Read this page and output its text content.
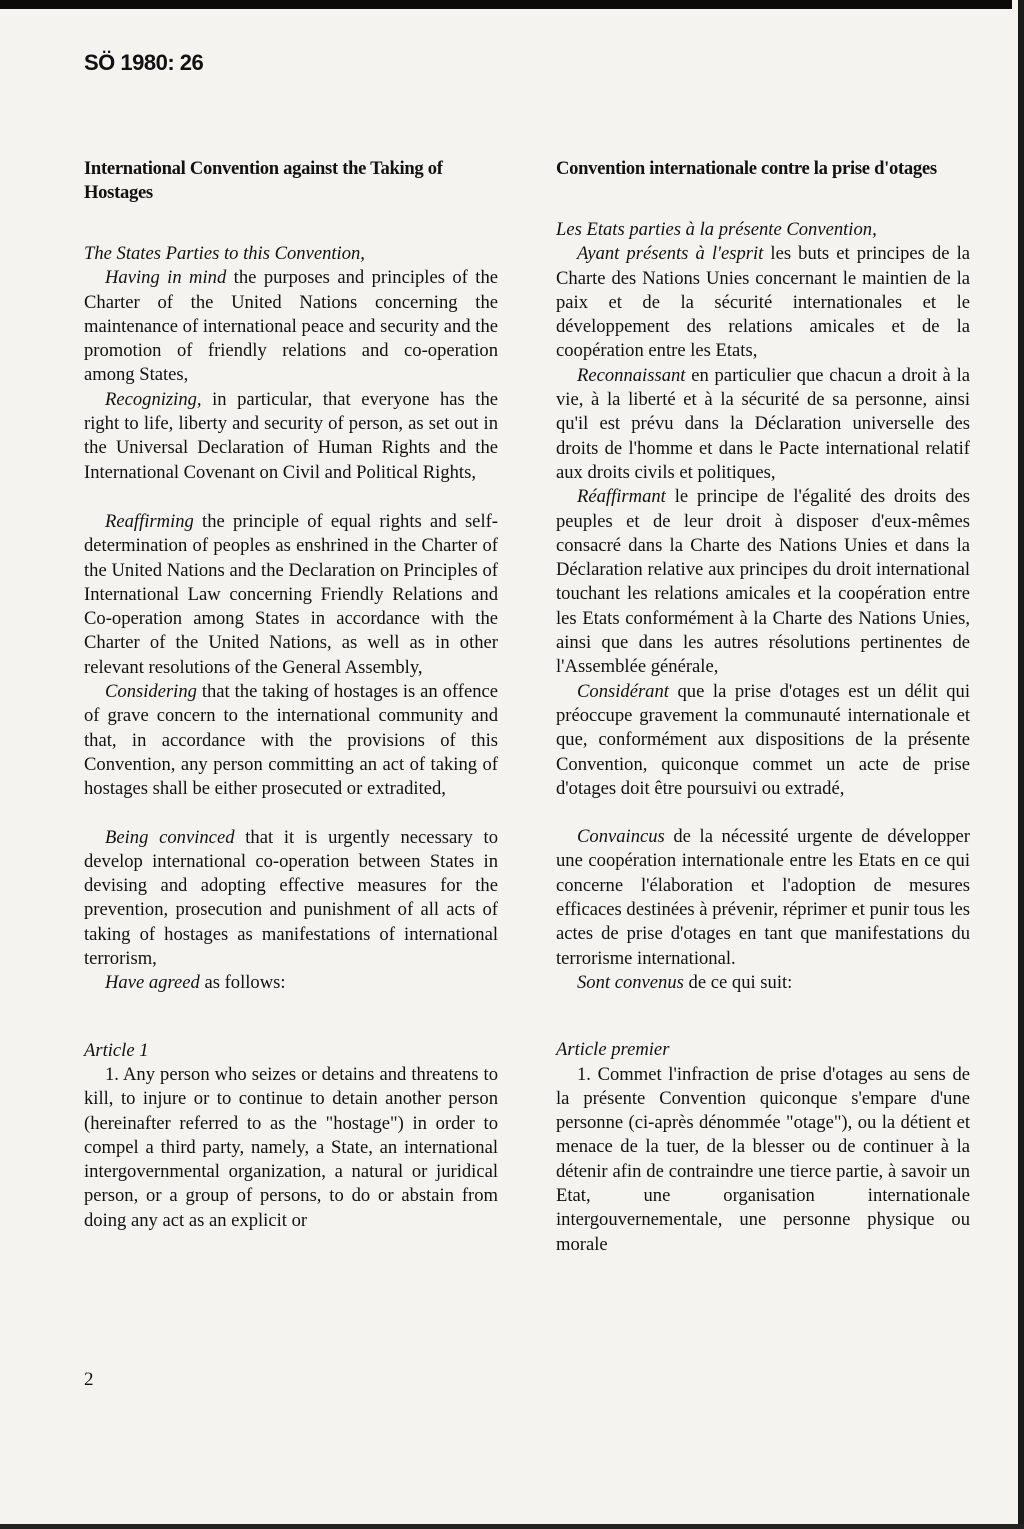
SÖ 1980: 26
International Convention against the Taking of Hostages

The States Parties to this Convention,

Having in mind the purposes and principles of the Charter of the United Nations concerning the maintenance of international peace and security and the promotion of friendly relations and co-operation among States,

Recognizing, in particular, that everyone has the right to life, liberty and security of person, as set out in the Universal Declaration of Human Rights and the International Covenant on Civil and Political Rights,

Reaffirming the principle of equal rights and self-determination of peoples as enshrined in the Charter of the United Nations and the Declaration on Principles of International Law concerning Friendly Relations and Co-operation among States in accordance with the Charter of the United Nations, as well as in other relevant resolutions of the General Assembly,

Considering that the taking of hostages is an offence of grave concern to the international community and that, in accordance with the provisions of this Convention, any person committing an act of taking of hostages shall be either prosecuted or extradited,

Being convinced that it is urgently necessary to develop international co-operation between States in devising and adopting effective measures for the prevention, prosecution and punishment of all acts of taking of hostages as manifestations of international terrorism,

Have agreed as follows:

Article 1

1. Any person who seizes or detains and threatens to kill, to injure or to continue to detain another person (hereinafter referred to as the "hostage") in order to compel a third party, namely, a State, an international intergovernmental organization, a natural or juridical person, or a group of persons, to do or abstain from doing any act as an explicit or

Convention internationale contre la prise d'otages

Les Etats parties à la présente Convention,

Ayant présents à l'esprit les buts et principes de la Charte des Nations Unies concernant le maintien de la paix et de la sécurité internationales et le développement des relations amicales et de la coopération entre les Etats,

Reconnaissant en particulier que chacun a droit à la vie, à la liberté et à la sécurité de sa personne, ainsi qu'il est prévu dans la Déclaration universelle des droits de l'homme et dans le Pacte international relatif aux droits civils et politiques,

Réaffirmant le principe de l'égalité des droits des peuples et de leur droit à disposer d'eux-mêmes consacré dans la Charte des Nations Unies et dans la Déclaration relative aux principes du droit international touchant les relations amicales et la coopération entre les Etats conformément à la Charte des Nations Unies, ainsi que dans les autres résolutions pertinentes de l'Assemblée générale,

Considérant que la prise d'otages est un délit qui préoccupe gravement la communauté internationale et que, conformément aux dispositions de la présente Convention, quiconque commet un acte de prise d'otages doit être poursuivi ou extradé,

Convaincus de la nécessité urgente de développer une coopération internationale entre les Etats en ce qui concerne l'élaboration et l'adoption de mesures efficaces destinées à prévenir, réprimer et punir tous les actes de prise d'otages en tant que manifestations du terrorisme international.

Sont convenus de ce qui suit:

Article premier

1. Commet l'infraction de prise d'otages au sens de la présente Convention quiconque s'empare d'une personne (ci-après dénommée "otage"), ou la détient et menace de la tuer, de la blesser ou de continuer à la détenir afin de contraindre une tierce partie, à savoir un Etat, une organisation internationale intergouvernementale, une personne physique ou morale

2
